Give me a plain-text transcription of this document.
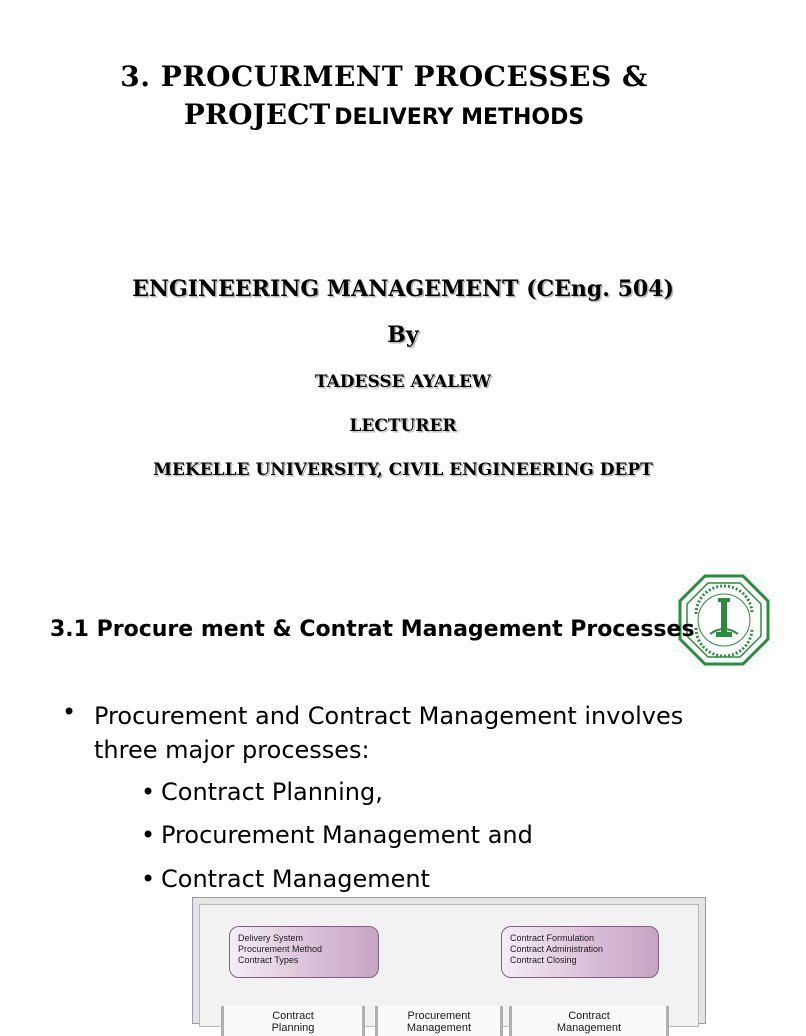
3. PROCURMENT PROCESSES &
PROJECT DELIVERY METHODS
ENGINEERING MANAGEMENT (CEng. 504)
By
TADESSE AYALEW
LECTURER
MEKELLE UNIVERSITY, CIVIL ENGINEERING DEPT
3.1 Procure ment & Contrat Management Processes
• Procurement and Contract Management involves three major processes:
• Contract Planning,
• Procurement Management and
• Contract Management
Delivery System
Procurement Method
Contract Types
Contract Formulation
Contract Administration
Contract Closing
Contract
Planning
Procurement
Management
Contract
Management
